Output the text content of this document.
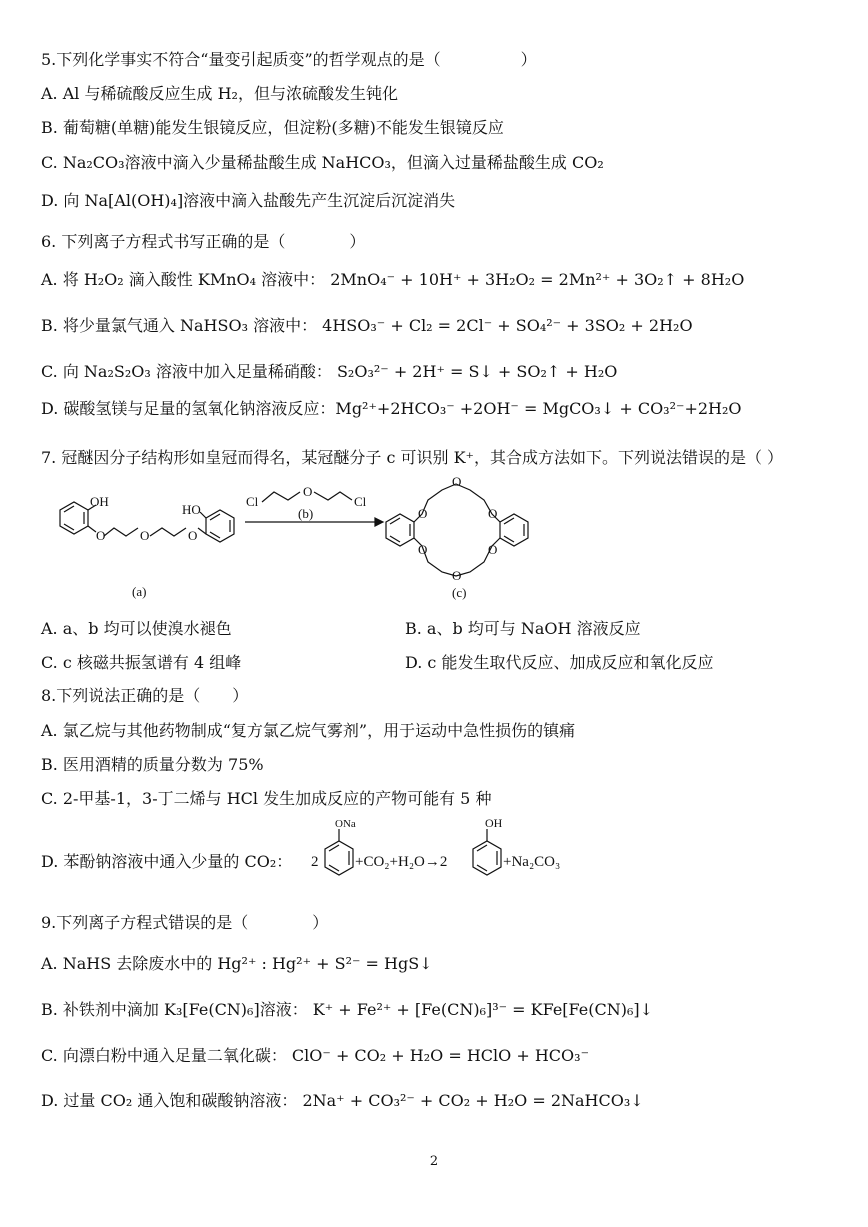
5.下列化学事实不符合“量变引起质变”的哲学观点的是（　　　　　）
A. Al 与稀硫酸反应生成 H₂，但与浓硫酸发生钝化
B. 葡萄糖(单糖)能发生银镜反应，但淀粉(多糖)不能发生银镜反应
C. Na₂CO₃溶液中滴入少量稀盐酸生成 NaHCO₃，但滴入过量稀盐酸生成 CO₂
D. 向 Na[Al(OH)₄]溶液中滴入盐酸先产生沉淀后沉淀消失
6. 下列离子方程式书写正确的是（　　　　）
A. 将 H₂O₂ 滴入酸性 KMnO₄ 溶液中： 2MnO₄⁻ + 10H⁺ + 3H₂O₂ = 2Mn²⁺ + 3O₂↑ + 8H₂O
B. 将少量氯气通入 NaHSO₃ 溶液中： 4HSO₃⁻ + Cl₂ = 2Cl⁻ + SO₄²⁻ + 3SO₂ + 2H₂O
C. 向 Na₂S₂O₃ 溶液中加入足量稀硝酸： S₂O₃²⁻ + 2H⁺ = S↓ + SO₂↑ + H₂O
D. 碳酸氢镁与足量的氢氧化钠溶液反应：Mg²⁺+2HCO₃⁻ +2OH⁻ = MgCO₃↓ + CO₃²⁻+2H₂O
7. 冠醚因分子结构形如皇冠而得名，某冠醚分子 c 可识别 K⁺，其合成方法如下。下列说法错误的是（ ）
OH
O	O	O
HO
Cl
O
Cl
(b)	O
O
O
O
O
O
(a)	(c)
A. a、b 均可以使溴水褪色	B. a、b 均可与 NaOH 溶液反应
C. c 核磁共振氢谱有 4 组峰	D. c 能发生取代反应、加成反应和氧化反应
8.下列说法正确的是（　　）
A. 氯乙烷与其他药物制成“复方氯乙烷气雾剂”，用于运动中急性损伤的镇痛
B. 医用酒精的质量分数为 75%
C. 2-甲基-1，3-丁二烯与 HCl 发生加成反应的产物可能有 5 种
D. 苯酚钠溶液中通入少量的 CO₂：
ONa	OH
2 +CO₂+H₂O→2	+Na₂CO₃
9.下列离子方程式错误的是（　　　　）
A. NaHS 去除废水中的 Hg²⁺ : Hg²⁺ + S²⁻ = HgS↓
B. 补铁剂中滴加 K₃[Fe(CN)₆]溶液： K⁺ + Fe²⁺ + [Fe(CN)₆]³⁻ = KFe[Fe(CN)₆]↓
C. 向漂白粉中通入足量二氧化碳： ClO⁻ + CO₂ + H₂O = HClO + HCO₃⁻
D. 过量 CO₂ 通入饱和碳酸钠溶液： 2Na⁺ + CO₃²⁻ + CO₂ + H₂O = 2NaHCO₃↓
2
